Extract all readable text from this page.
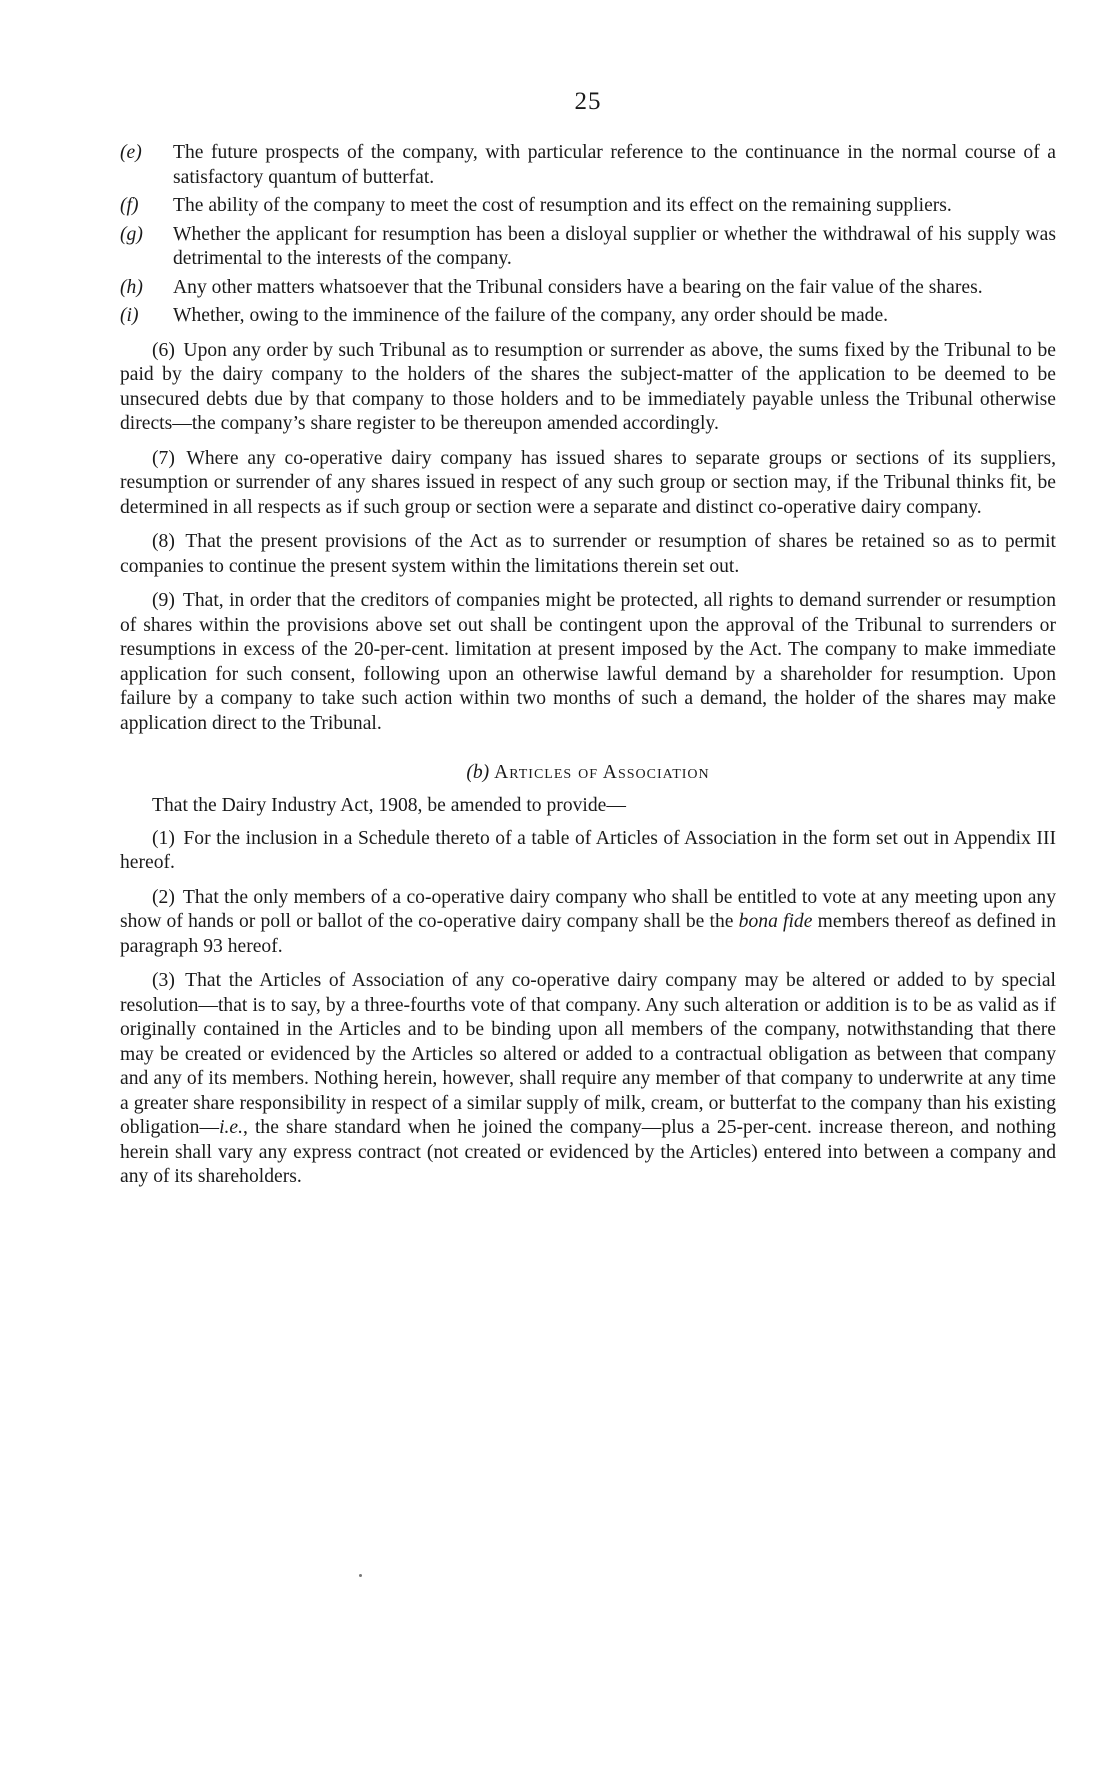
25
(e) The future prospects of the company, with particular reference to the continuance in the normal course of a satisfactory quantum of butterfat.
(f) The ability of the company to meet the cost of resumption and its effect on the remaining suppliers.
(g) Whether the applicant for resumption has been a disloyal supplier or whether the withdrawal of his supply was detrimental to the interests of the company.
(h) Any other matters whatsoever that the Tribunal considers have a bearing on the fair value of the shares.
(i) Whether, owing to the imminence of the failure of the company, any order should be made.

(6) Upon any order by such Tribunal as to resumption or surrender as above, the sums fixed by the Tribunal to be paid by the dairy company to the holders of the shares the subject-matter of the application to be deemed to be unsecured debts due by that company to those holders and to be immediately payable unless the Tribunal otherwise directs—the company’s share register to be thereupon amended accordingly.

(7) Where any co-operative dairy company has issued shares to separate groups or sections of its suppliers, resumption or surrender of any shares issued in respect of any such group or section may, if the Tribunal thinks fit, be determined in all respects as if such group or section were a separate and distinct co-operative dairy company.

(8) That the present provisions of the Act as to surrender or resumption of shares be retained so as to permit companies to continue the present system within the limitations therein set out.

(9) That, in order that the creditors of companies might be protected, all rights to demand surrender or resumption of shares within the provisions above set out shall be contingent upon the approval of the Tribunal to surrenders or resumptions in excess of the 20-per-cent. limitation at present imposed by the Act. The company to make immediate application for such consent, following upon an otherwise lawful demand by a shareholder for resumption. Upon failure by a company to take such action within two months of such a demand, the holder of the shares may make application direct to the Tribunal.

(b) Articles of Association

That the Dairy Industry Act, 1908, be amended to provide—

(1) For the inclusion in a Schedule thereto of a table of Articles of Association in the form set out in Appendix III hereof.

(2) That the only members of a co-operative dairy company who shall be entitled to vote at any meeting upon any show of hands or poll or ballot of the co-operative dairy company shall be the bona fide members thereof as defined in paragraph 93 hereof.

(3) That the Articles of Association of any co-operative dairy company may be altered or added to by special resolution—that is to say, by a three-fourths vote of that company. Any such alteration or addition is to be as valid as if originally contained in the Articles and to be binding upon all members of the company, notwithstanding that there may be created or evidenced by the Articles so altered or added to a contractual obligation as between that company and any of its members. Nothing herein, however, shall require any member of that company to underwrite at any time a greater share responsibility in respect of a similar supply of milk, cream, or butterfat to the company than his existing obligation—i.e., the share standard when he joined the company—plus a 25-per-cent. increase thereon, and nothing herein shall vary any express contract (not created or evidenced by the Articles) entered into between a company and any of its shareholders.
